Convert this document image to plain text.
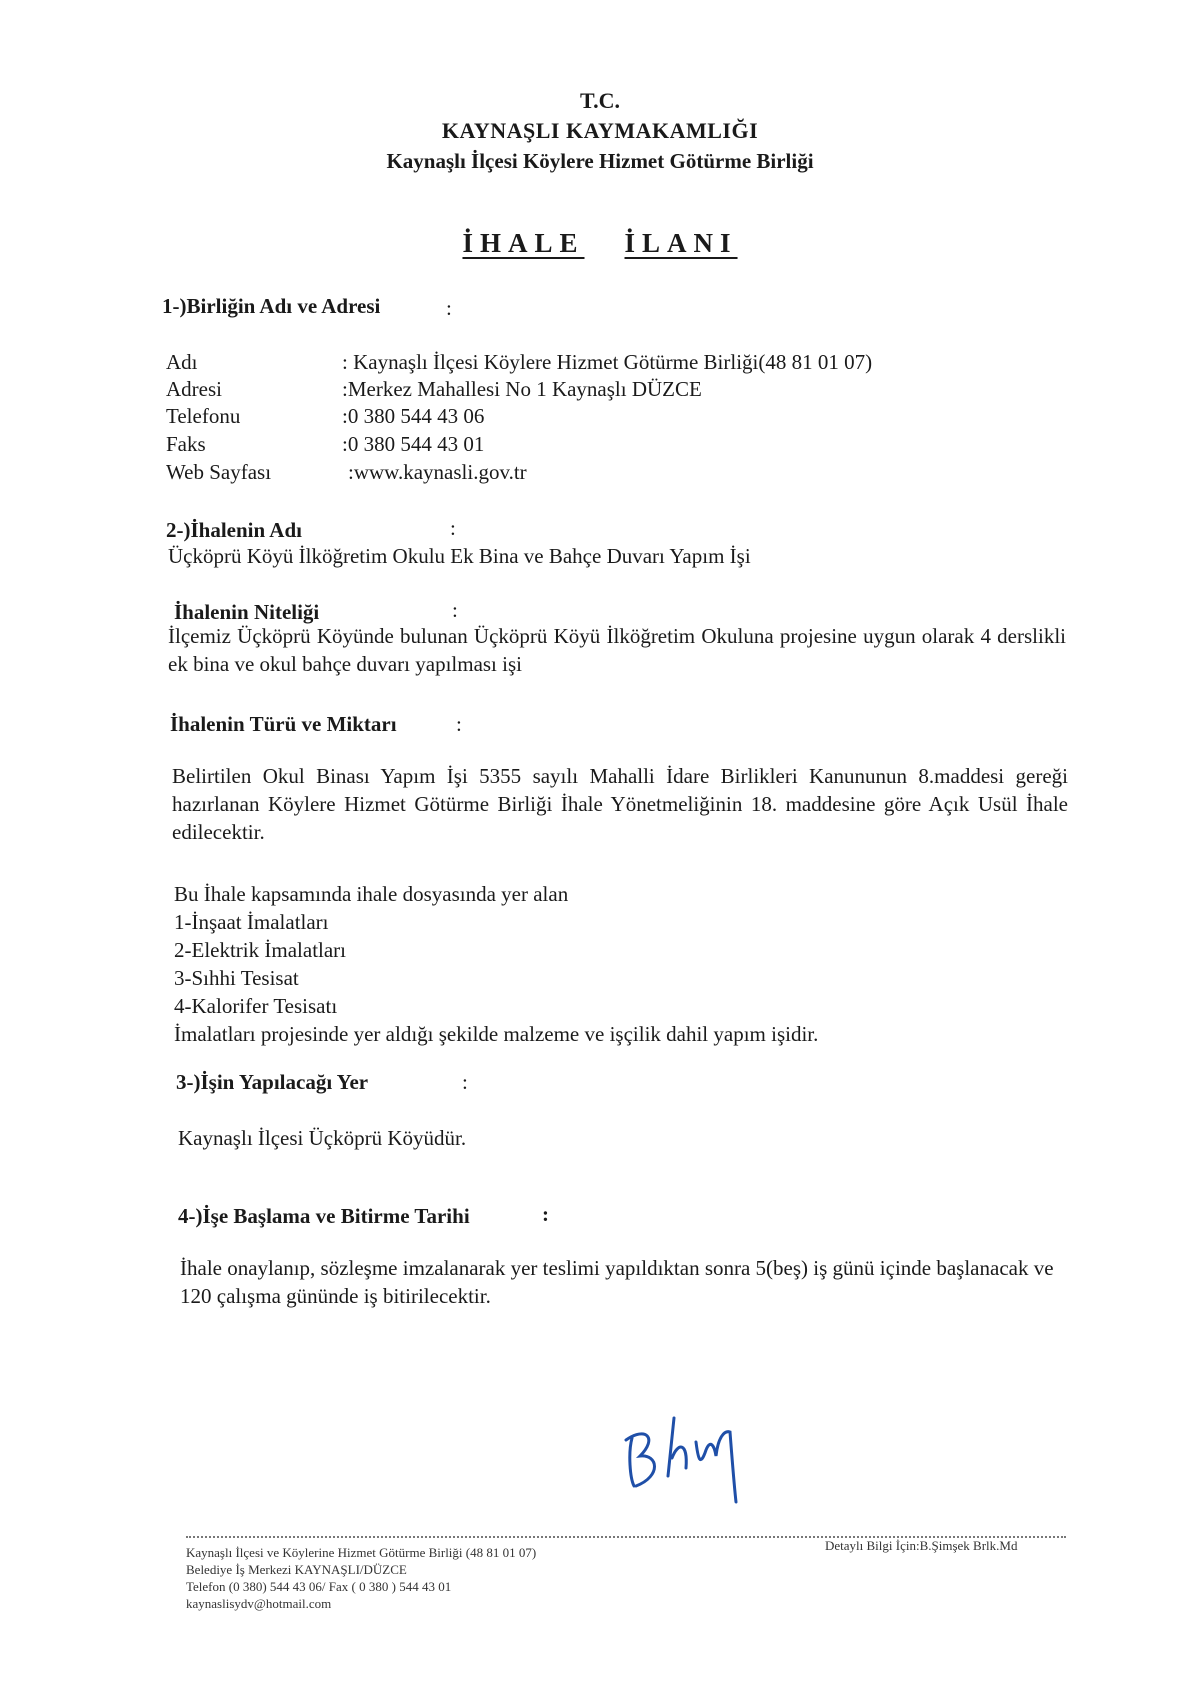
T.C.
KAYNAŞLI KAYMAKAMLIĞI
Kaynaşlı İlçesi Köylere Hizmet Götürme Birliği
İHALE İLANI
1-)Birliğin Adı ve Adresi	:
Adı	: Kaynaşlı İlçesi Köylere Hizmet Götürme Birliği(48 81 01 07)
Adresi	:Merkez Mahallesi No 1 Kaynaşlı DÜZCE
Telefonu	:0 380 544 43 06
Faks	:0 380 544 43 01
Web Sayfası	:www.kaynasli.gov.tr
2-)İhalenin Adı	:
Üçköprü Köyü İlköğretim Okulu Ek Bina ve Bahçe Duvarı Yapım İşi
İhalenin Niteliği	:
İlçemiz Üçköprü Köyünde bulunan Üçköprü Köyü İlköğretim Okuluna projesine uygun olarak 4 derslikli ek bina ve okul bahçe duvarı yapılması işi
İhalenin Türü ve Miktarı	:
Belirtilen Okul Binası Yapım İşi 5355 sayılı Mahalli İdare Birlikleri Kanununun 8.maddesi gereği hazırlanan Köylere Hizmet Götürme Birliği İhale Yönetmeliğinin 18. maddesine göre Açık Usül İhale edilecektir.
Bu İhale kapsamında ihale dosyasında yer alan
1-İnşaat İmalatları
2-Elektrik İmalatları
3-Sıhhi Tesisat
4-Kalorifer Tesisatı
İmalatları projesinde yer aldığı şekilde malzeme ve işçilik dahil yapım işidir.
3-)İşin Yapılacağı Yer	:
Kaynaşlı İlçesi Üçköprü Köyüdür.
4-)İşe Başlama ve Bitirme Tarihi	:
İhale onaylanıp, sözleşme imzalanarak yer teslimi yapıldıktan sonra 5(beş) iş günü içinde başlanacak ve 120 çalışma gününde iş bitirilecektir.
Kaynaşlı İlçesi ve Köylerine Hizmet Götürme Birliği (48 81 01 07)
Belediye İş Merkezi KAYNAŞLI/DÜZCE
Telefon (0 380) 544 43 06/ Fax ( 0 380 ) 544 43 01
kaynaslisydv@hotmail.com
Detaylı Bilgi İçin:B.Şimşek Brlk.Md
